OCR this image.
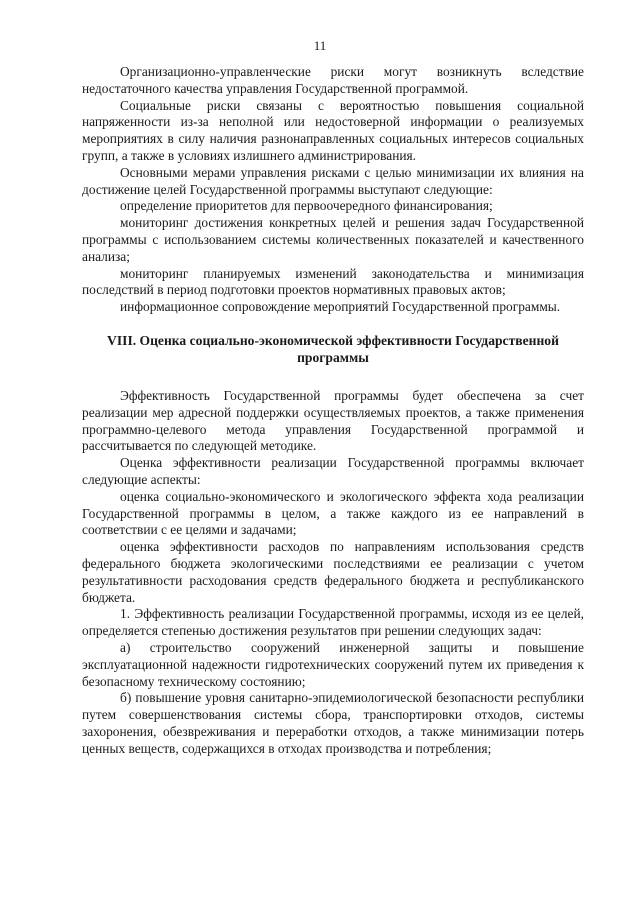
11

Организационно-управленческие риски могут возникнуть вследствие недостаточного качества управления Государственной программой.

Социальные риски связаны с вероятностью повышения социальной напряженности из-за неполной или недостоверной информации о реализуемых мероприятиях в силу наличия разнонаправленных социальных интересов социальных групп, а также в условиях излишнего администрирования.

Основными мерами управления рисками с целью минимизации их влияния на достижение целей Государственной программы выступают следующие:

определение приоритетов для первоочередного финансирования;

мониторинг достижения конкретных целей и решения задач Государственной программы с использованием системы количественных показателей и качественного анализа;

мониторинг планируемых изменений законодательства и минимизация последствий в период подготовки проектов нормативных правовых актов;

информационное сопровождение мероприятий Государственной программы.

VIII. Оценка социально-экономической эффективности Государственной программы

Эффективность Государственной программы будет обеспечена за счет реализации мер адресной поддержки осуществляемых проектов, а также применения программно-целевого метода управления Государственной программой и рассчитывается по следующей методике.

Оценка эффективности реализации Государственной программы включает следующие аспекты:

оценка социально-экономического и экологического эффекта хода реализации Государственной программы в целом, а также каждого из ее направлений в соответствии с ее целями и задачами;

оценка эффективности расходов по направлениям использования средств федерального бюджета экологическими последствиями ее реализации с учетом результативности расходования средств федерального бюджета и республиканского бюджета.

1. Эффективность реализации Государственной программы, исходя из ее целей, определяется степенью достижения результатов при решении следующих задач:

а) строительство сооружений инженерной защиты и повышение эксплуатационной надежности гидротехнических сооружений путем их приведения к безопасному техническому состоянию;

б) повышение уровня санитарно-эпидемиологической безопасности республики путем совершенствования системы сбора, транспортировки отходов, системы захоронения, обезвреживания и переработки отходов, а также минимизации потерь ценных веществ, содержащихся в отходах производства и потребления;
